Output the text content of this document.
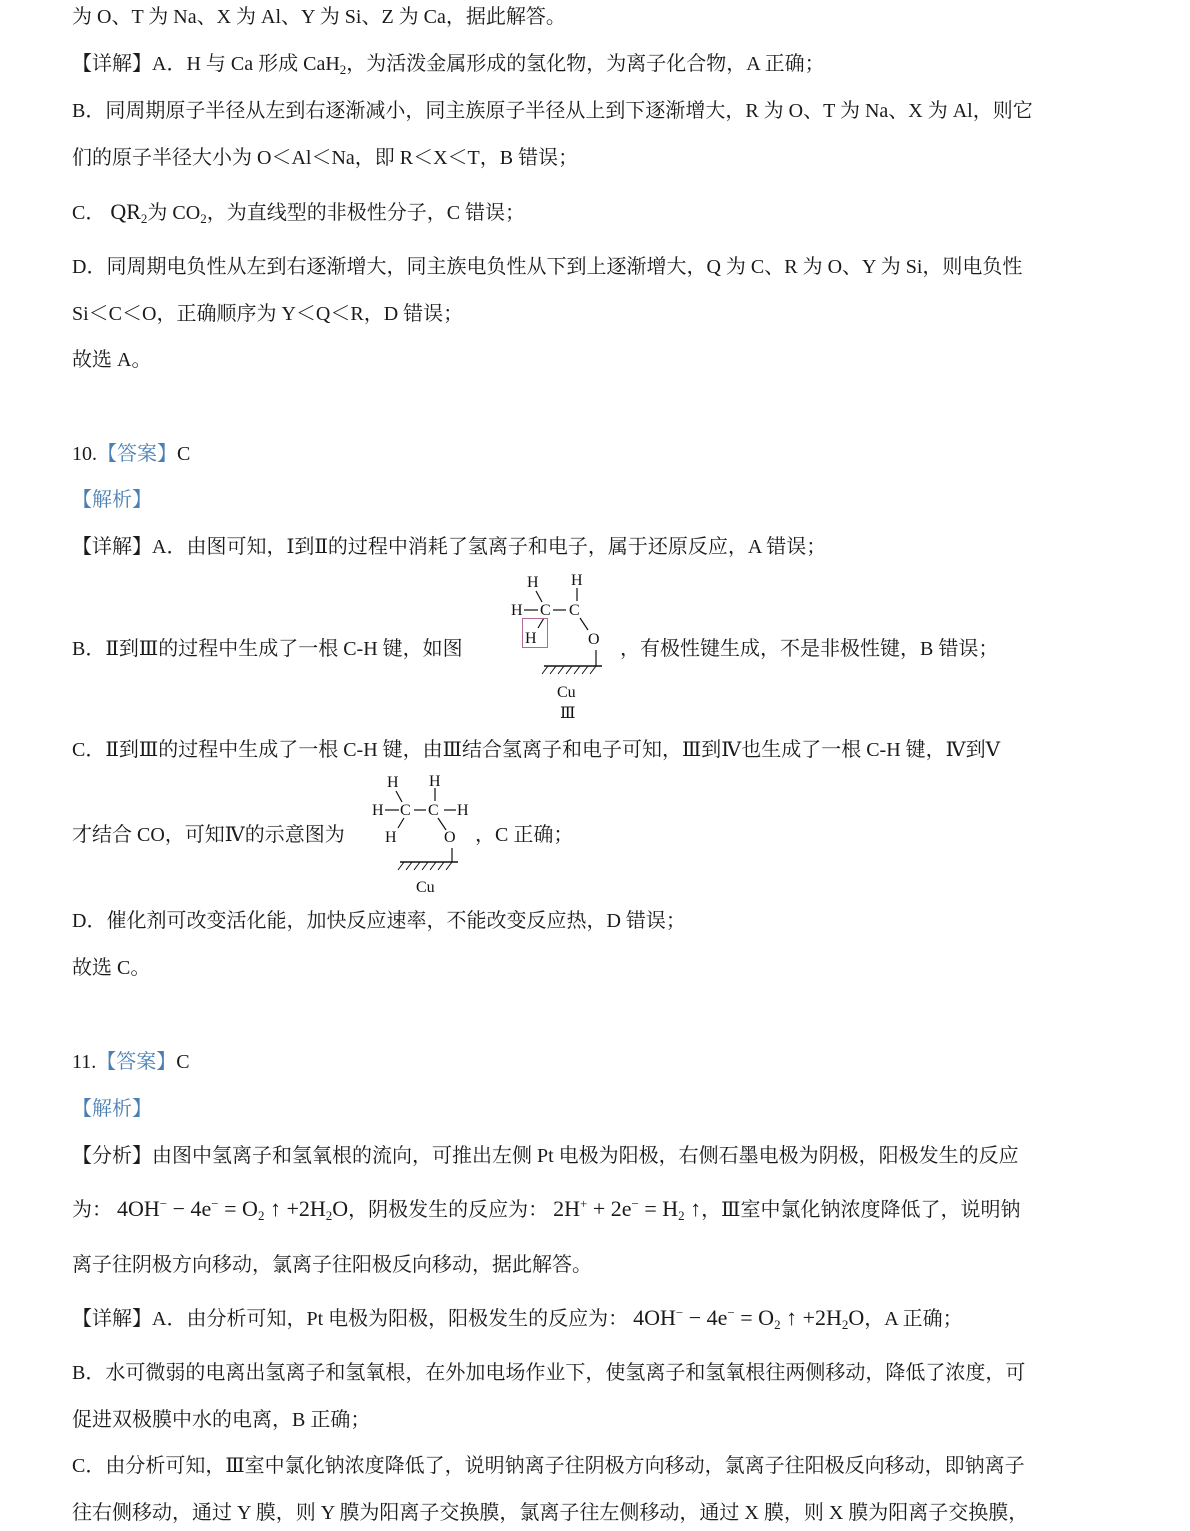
为 O、T 为 Na、X 为 Al、Y 为 Si、Z 为 Ca，据此解答。
【详解】A．H 与 Ca 形成 CaH$_2$，为活泼金属形成的氢化物，为离子化合物，A 正确；
B．同周期原子半径从左到右逐渐减小，同主族原子半径从上到下逐渐增大，R 为 O、T 为 Na、X 为 Al，则它
们的原子半径大小为 O＜Al＜Na，即 R＜X＜T，B 错误；
C． $QR_2$为 $CO_2$，为直线型的非极性分子，C 错误；
D．同周期电负性从左到右逐渐增大，同主族电负性从下到上逐渐增大，Q 为 C、R 为 O、Y 为 Si，则电负性
Si＜C＜O，正确顺序为 Y＜Q＜R，D 错误；
故选 A。
10.【答案】C
【解析】
【详解】A．由图可知，Ⅰ到Ⅱ的过程中消耗了氢离子和电子，属于还原反应，A 错误；
B．Ⅱ到Ⅲ的过程中生成了一根 C-H 键，如图	，有极性键生成，不是非极性键，B 错误；
H H
H C C
O
H
Cu
Ⅲ
C．Ⅱ到Ⅲ的过程中生成了一根 C-H 键，由Ⅲ结合氢离子和电子可知，Ⅲ到Ⅳ也生成了一根 C-H 键，Ⅳ到Ⅴ
才结合 CO，可知Ⅳ的示意图为	，C 正确；
H H
H C C H
O
H
Cu
D．催化剂可改变活化能，加快反应速率，不能改变反应热，D 错误；
故选 C。
11.【答案】C
【解析】
【分析】由图中氢离子和氢氧根的流向，可推出左侧 Pt 电极为阳极，右侧石墨电极为阴极，阳极发生的反应
为： $4OH^- - 4e^- = O_2$ ↑ $+2H_2O$，阴极发生的反应为： $2H^+ + 2e^- = H_2$ ↑，Ⅲ室中氯化钠浓度降低了，说明钠
离子往阴极方向移动，氯离子往阳极反向移动，据此解答。
【详解】A．由分析可知，Pt 电极为阳极，阳极发生的反应为： $4OH^- - 4e^- = O_2$ ↑ $+2H_2O$，A 正确；
B．水可微弱的电离出氢离子和氢氧根，在外加电场作业下，使氢离子和氢氧根往两侧移动，降低了浓度，可
促进双极膜中水的电离，B 正确；
C．由分析可知，Ⅲ室中氯化钠浓度降低了，说明钠离子往阴极方向移动，氯离子往阳极反向移动，即钠离子
往右侧移动，通过 Y 膜，则 Y 膜为阳离子交换膜，氯离子往左侧移动，通过 X 膜，则 X 膜为阳离子交换膜，
